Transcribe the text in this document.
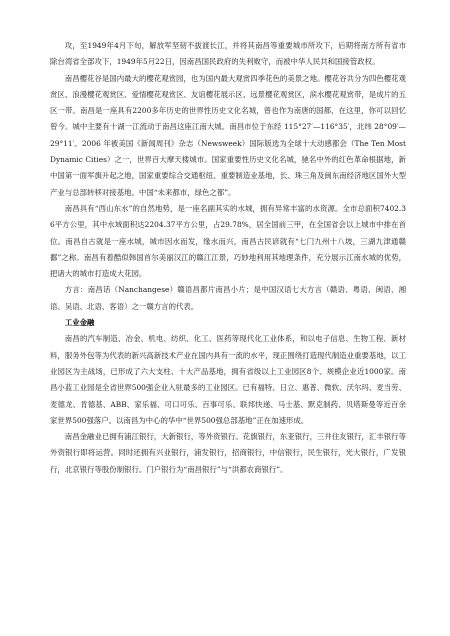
攻，至1949年4月下旬，解放军坚韧不拔渡长江，并将其南昌等重要城市所攻下，后期将南方所有省市除台湾省全部攻下，1949年5月22日，因南昌国民政府的失利败守，而被中华人民共和国接管政权。

南昌樱花谷是国内最大的樱花观赏园，也为国内最大观赏四季花色的美景之地。樱花谷共分为四色樱花观赏区、浪漫樱花观赏区、爱情樱花观赏区、友谊樱花展示区、远景樱花观赏区，滨水樱花观赏带，是成片的五区一带。南昌是一座具有2200多年历史的世界性历史文化名城，曾也作为南唐的国都，在这里，你可以回忆曾今。城中主要有十湖一江流动于南昌这座江南大城。南昌市位于东经 115°27′—116°35′，北纬 28°09′—29°11′。2006 年被美国《新闻周刊》杂志（Newsweek）国际版选为全球十大动感都会（The Ten Most Dynamic Cities）之一，世界百大摩天楼城市。国家重要性历史文化名城，驰名中外的红色革命根据地，新中国第一面军旗升起之地，国家重要综合交通枢纽、重要制造业基地，长、珠三角及闽东南经济地区国外大型产业与总部转移对接基地。中国“未来都市，绿色之都”。

南昌具有“西山东水”的自然地势，是一座名副其实的水城，拥有异常丰富的水资源。全市总面积7402.36平方公里，其中水域面积达2204.37平方公里，占29.78%，居全国前三甲，在全国省会以上城市中排在首位。南昌自古就是一座水城，城市因水而发，缘水而兴，南昌古民谚就有“七门九州十八坡，三湖九津通赣鄱”之称。南昌有着酷似韩国首尔美丽汉江的赣江江景，巧妙地利用其地理条件，充分展示江南水城的优势，把诸大的城市打造成大花园。

方言：南昌话（Nanchangese）赣语昌都片南昌小片；是中国汉语七大方言（赣语、粤语、闽语、湘语、吴语、北语、客语）之一赣方言的代表。

工业金融

南昌的汽车制造、冶金、机电、纺织、化工、医药等现代化工业体系，和以电子信息、生物工程、新材料，服务外包等为代表的新兴高新技术产业在国内具有一流的水平，现正围绕打造现代制造业重要基地，以工业园区为主战场，已形成了六大支柱、十大产品基地，拥有省级以上工业园区8个、规模企业近1000家。南昌小蓝工业园是全省世界500强企业入驻最多的工业园区。已有福特、日立、惠普、微软、沃尔玛、麦当劳、麦德龙、肯德基、ABB、家乐福、可口可乐、百事可乐、联邦快递、马士基、默克制药、贝塔斯曼等近百余家世界500强落户。以南昌为中心的华中“世界500强总部基地”正在加速形成。

南昌金融业已拥有浦江银行，大新银行，等外资银行。花旗银行，东亚银行，三井住友银行，汇丰银行等外资银行即将运营。同时还拥有兴业银行，浦发银行，招商银行，中信银行，民生银行，光大银行，广发银行，北京银行等股份制银行。门户银行为“南昌银行”与“洪都农商银行”。
